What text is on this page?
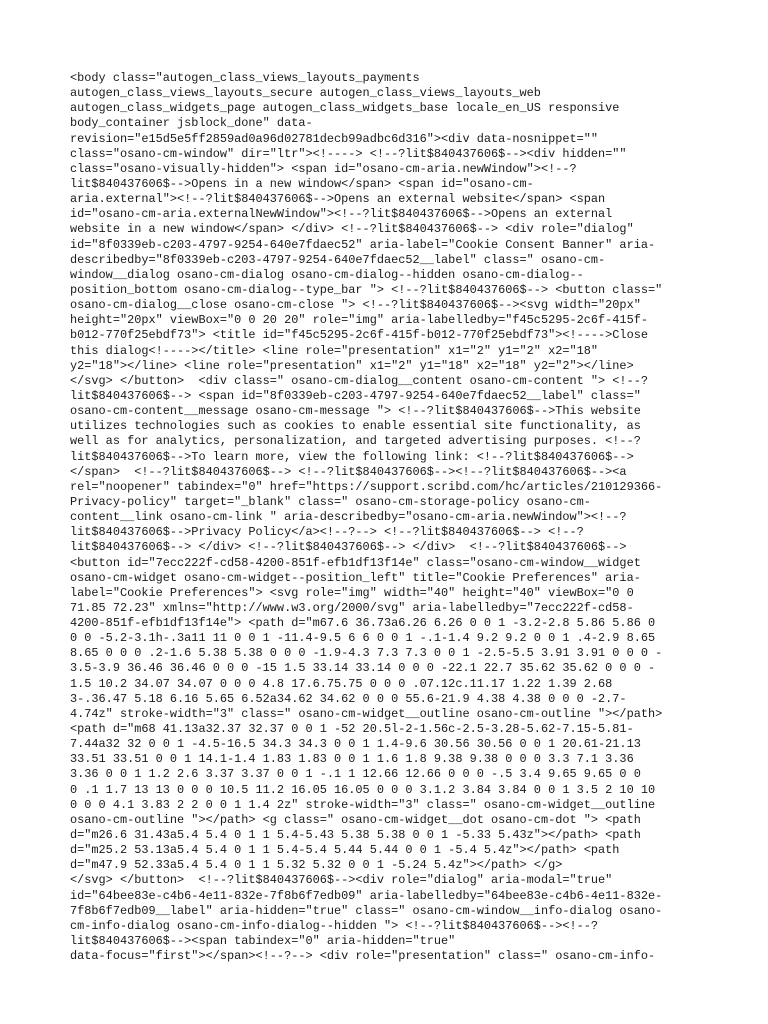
<body class="autogen_class_views_layouts_payments
autogen_class_views_layouts_secure autogen_class_views_layouts_web
autogen_class_widgets_page autogen_class_widgets_base locale_en_US responsive
body_container jsblock_done" data-
revision="e15d5e5ff2859ad0a96d02781decb99adbc6d316"><div data-nosnippet=""
class="osano-cm-window" dir="ltr"><!----> <!--?lit$840437606$--><div hidden=""
class="osano-visually-hidden"> <span id="osano-cm-aria.newWindow"><!--?
lit$840437606$-->Opens in a new window</span> <span id="osano-cm-
aria.external"><!--?lit$840437606$-->Opens an external website</span> <span
id="osano-cm-aria.externalNewWindow"><!--?lit$840437606$-->Opens an external
website in a new window</span> </div> <!--?lit$840437606$--> <div role="dialog"
id="8f0339eb-c203-4797-9254-640e7fdaec52" aria-label="Cookie Consent Banner" aria-
describedby="8f0339eb-c203-4797-9254-640e7fdaec52__label" class=" osano-cm-
window__dialog osano-cm-dialog osano-cm-dialog--hidden osano-cm-dialog--
position_bottom osano-cm-dialog--type_bar "> <!--?lit$840437606$--> <button class="
osano-cm-dialog__close osano-cm-close "> <!--?lit$840437606$--><svg width="20px"
height="20px" viewBox="0 0 20 20" role="img" aria-labelledby="f45c5295-2c6f-415f-
b012-770f25ebdf73"> <title id="f45c5295-2c6f-415f-b012-770f25ebdf73"><!---->Close
this dialog<!----></title> <line role="presentation" x1="2" y1="2" x2="18"
y2="18"></line> <line role="presentation" x1="2" y1="18" x2="18" y2="2"></line>
</svg> </button>  <div class=" osano-cm-dialog__content osano-cm-content "> <!--?
lit$840437606$--> <span id="8f0339eb-c203-4797-9254-640e7fdaec52__label" class="
osano-cm-content__message osano-cm-message "> <!--?lit$840437606$-->This website
utilizes technologies such as cookies to enable essential site functionality, as
well as for analytics, personalization, and targeted advertising purposes. <!--?
lit$840437606$-->To learn more, view the following link: <!--?lit$840437606$-->
</span>  <!--?lit$840437606$--> <!--?lit$840437606$--><!--?lit$840437606$--><a
rel="noopener" tabindex="0" href="https://support.scribd.com/hc/articles/210129366-
Privacy-policy" target="_blank" class=" osano-cm-storage-policy osano-cm-
content__link osano-cm-link " aria-describedby="osano-cm-aria.newWindow"><!--?
lit$840437606$-->Privacy Policy</a><!--?--> <!--?lit$840437606$--> <!--?
lit$840437606$--> </div> <!--?lit$840437606$--> </div>  <!--?lit$840437606$-->
<button id="7ecc222f-cd58-4200-851f-efb1df13f14e" class="osano-cm-window__widget
osano-cm-widget osano-cm-widget--position_left" title="Cookie Preferences" aria-
label="Cookie Preferences"> <svg role="img" width="40" height="40" viewBox="0 0
71.85 72.23" xmlns="http://www.w3.org/2000/svg" aria-labelledby="7ecc222f-cd58-
4200-851f-efb1df13f14e"> <path d="m67.6 36.73a6.26 6.26 0 0 1 -3.2-2.8 5.86 5.86 0
0 0 -5.2-3.1h-.3a11 11 0 0 1 -11.4-9.5 6 6 0 0 1 -.1-1.4 9.2 9.2 0 0 1 .4-2.9 8.65
8.65 0 0 0 .2-1.6 5.38 5.38 0 0 0 -1.9-4.3 7.3 7.3 0 0 1 -2.5-5.5 3.91 3.91 0 0 0 -
3.5-3.9 36.46 36.46 0 0 0 -15 1.5 33.14 33.14 0 0 0 -22.1 22.7 35.62 35.62 0 0 0 -
1.5 10.2 34.07 34.07 0 0 0 4.8 17.6.75.75 0 0 0 .07.12c.11.17 1.22 1.39 2.68
3-.36.47 5.18 6.16 5.65 6.52a34.62 34.62 0 0 0 55.6-21.9 4.38 4.38 0 0 0 -2.7-
4.74z" stroke-width="3" class=" osano-cm-widget__outline osano-cm-outline "></path>
<path d="m68 41.13a32.37 32.37 0 0 1 -52 20.5l-2-1.56c-2.5-3.28-5.62-7.15-5.81-
7.44a32 32 0 0 1 -4.5-16.5 34.3 34.3 0 0 1 1.4-9.6 30.56 30.56 0 0 1 20.61-21.13
33.51 33.51 0 0 1 14.1-1.4 1.83 1.83 0 0 1 1.6 1.8 9.38 9.38 0 0 0 3.3 7.1 3.36
3.36 0 0 1 1.2 2.6 3.37 3.37 0 0 1 -.1 1 12.66 12.66 0 0 0 -.5 3.4 9.65 9.65 0 0
0 .1 1.7 13 13 0 0 0 10.5 11.2 16.05 16.05 0 0 0 3.1.2 3.84 3.84 0 0 1 3.5 2 10 10
0 0 0 4.1 3.83 2 2 0 0 1 1.4 2z" stroke-width="3" class=" osano-cm-widget__outline
osano-cm-outline "></path> <g class=" osano-cm-widget__dot osano-cm-dot "> <path
d="m26.6 31.43a5.4 5.4 0 1 1 5.4-5.43 5.38 5.38 0 0 1 -5.33 5.43z"></path> <path
d="m25.2 53.13a5.4 5.4 0 1 1 5.4-5.4 5.44 5.44 0 0 1 -5.4 5.4z"></path> <path
d="m47.9 52.33a5.4 5.4 0 1 1 5.32 5.32 0 0 1 -5.24 5.4z"></path> </g>
</svg> </button>  <!--?lit$840437606$--><div role="dialog" aria-modal="true"
id="64bee83e-c4b6-4e11-832e-7f8b6f7edb09" aria-labelledby="64bee83e-c4b6-4e11-832e-
7f8b6f7edb09__label" aria-hidden="true" class=" osano-cm-window__info-dialog osano-
cm-info-dialog osano-cm-info-dialog--hidden "> <!--?lit$840437606$--><!--?
lit$840437606$--><span tabindex="0" aria-hidden="true"
data-focus="first"></span><!--?--> <div role="presentation" class=" osano-cm-info-
